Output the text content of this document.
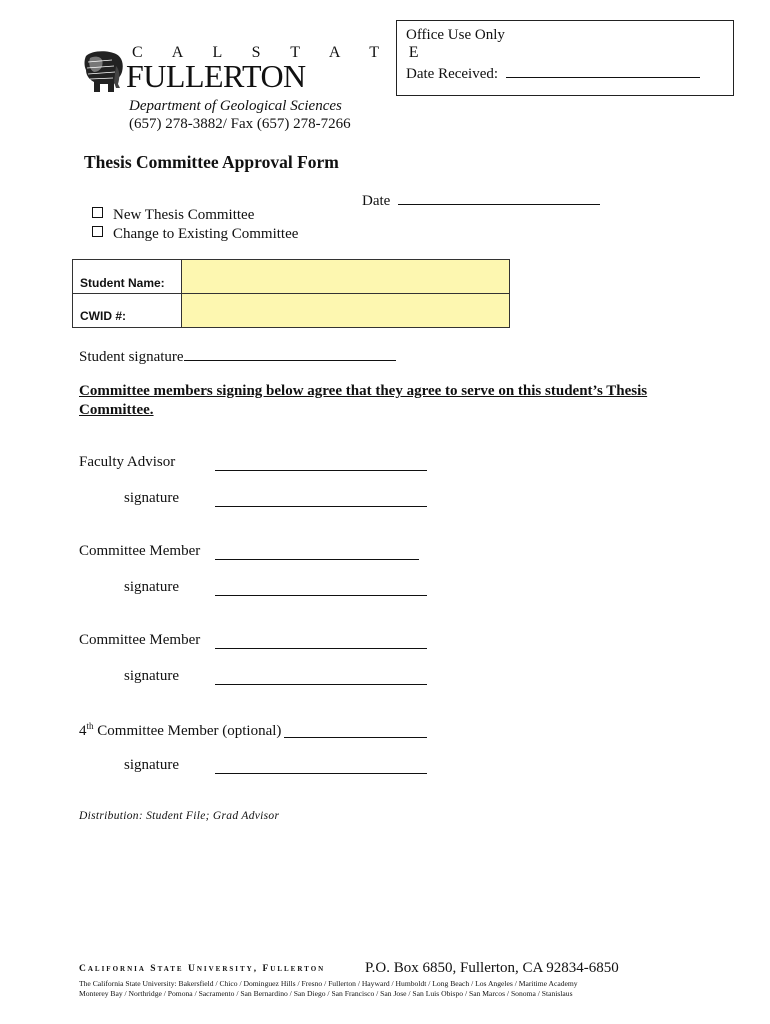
Office Use Only
Date Received:
C A L S T A T E
FULLERTON
Department of Geological Sciences
(657) 278-3882/ Fax (657) 278-7266
Thesis Committee Approval Form
Date
New Thesis Committee
Change to Existing Committee
Student Name:
CWID #:
Student signature
Committee members signing below agree that they agree to serve on this student’s Thesis Committee.
Faculty Advisor
signature
Committee Member
signature
Committee Member
signature
4th Committee Member (optional)
signature
Distribution: Student File; Grad Advisor
California State University, Fullerton	P.O. Box 6850, Fullerton, CA 92834-6850
The California State University: Bakersfield / Chico / Dominguez Hills / Fresno / Fullerton / Hayward / Humboldt / Long Beach / Los Angeles / Maritime Academy
Monterey Bay / Northridge / Pomona / Sacramento / San Bernardino / San Diego / San Francisco / San Jose / San Luis Obispo / San Marcos / Sonoma / Stanislaus
